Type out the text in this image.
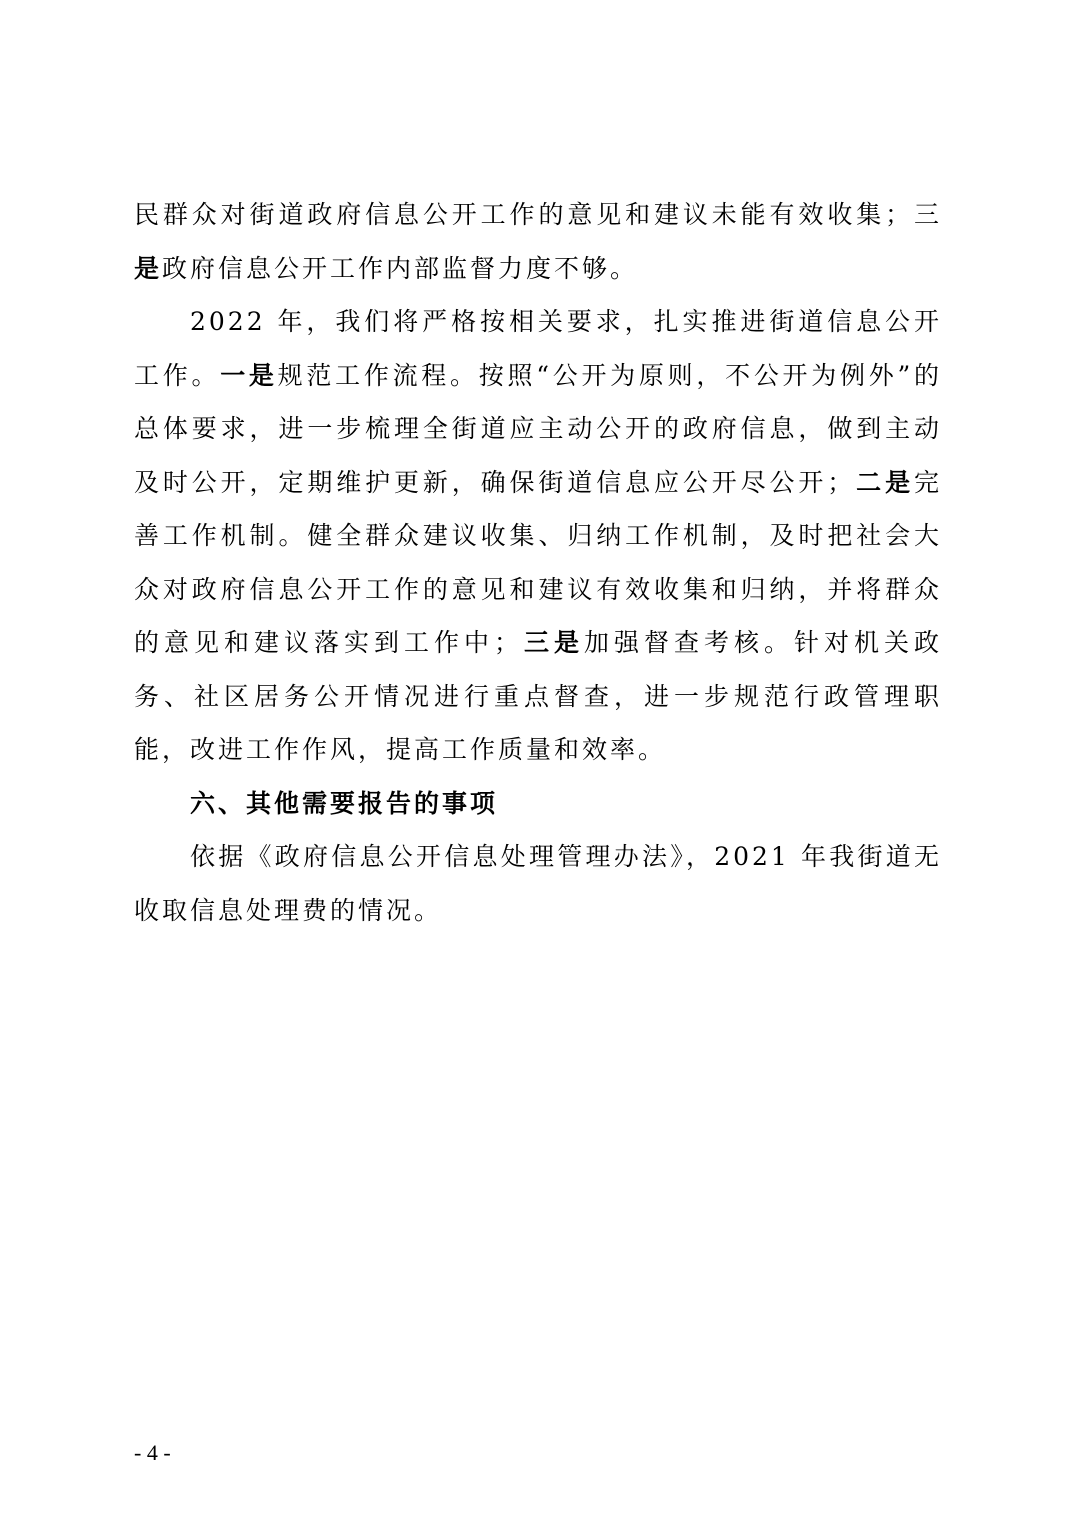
民群众对街道政府信息公开工作的意见和建议未能有效收集；三是政府信息公开工作内部监督力度不够。

2022 年，我们将严格按相关要求，扎实推进街道信息公开工作。一是规范工作流程。按照“公开为原则，不公开为例外”的总体要求，进一步梳理全街道应主动公开的政府信息，做到主动及时公开，定期维护更新，确保街道信息应公开尽公开；二是完善工作机制。健全群众建议收集、归纳工作机制，及时把社会大众对政府信息公开工作的意见和建议有效收集和归纳，并将群众的意见和建议落实到工作中；三是加强督查考核。针对机关政务、社区居务公开情况进行重点督查，进一步规范行政管理职能，改进工作作风，提高工作质量和效率。

六、其他需要报告的事项

依据《政府信息公开信息处理管理办法》，2021 年我街道无收取信息处理费的情况。

- 4 -
